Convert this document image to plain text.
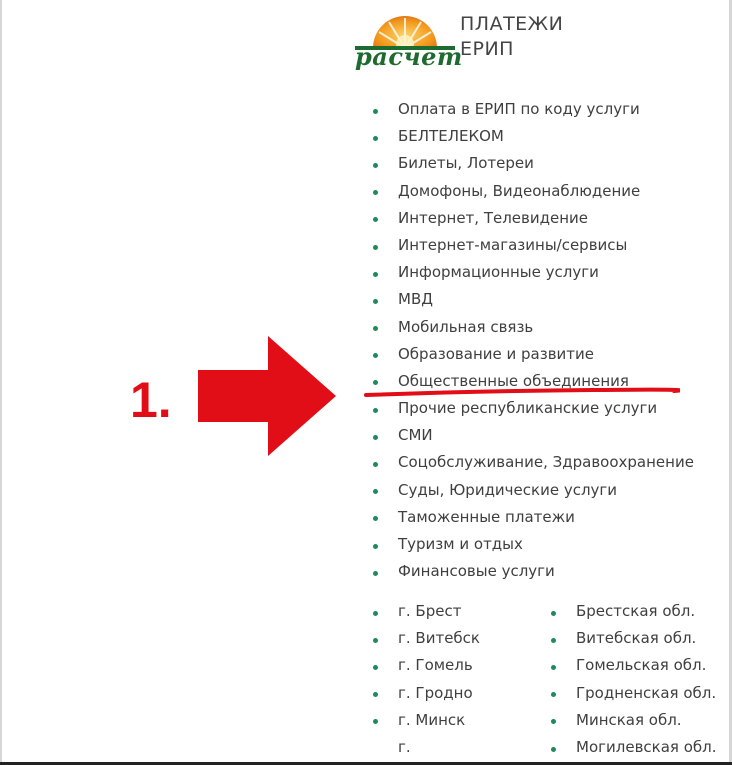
расчет
ПЛАТЕЖИ
ЕРИП
Оплата в ЕРИП по коду услуги
БЕЛТЕЛЕКОМ
Билеты, Лотереи
Домофоны, Видеонаблюдение
Интернет, Телевидение
Интернет-магазины/сервисы
Информационные услуги
МВД
Мобильная связь
Образование и развитие
Общественные объединения
Прочие республиканские услуги
СМИ
Соцобслуживание, Здравоохранение
Суды, Юридические услуги
Таможенные платежи
Туризм и отдых
Финансовые услуги
г. Брест
г. Витебск
г. Гомель
г. Гродно
г. Минск
г.
Брестская обл.
Витебская обл.
Гомельская обл.
Гродненская обл.
Минская обл.
Могилевская обл.
1.
